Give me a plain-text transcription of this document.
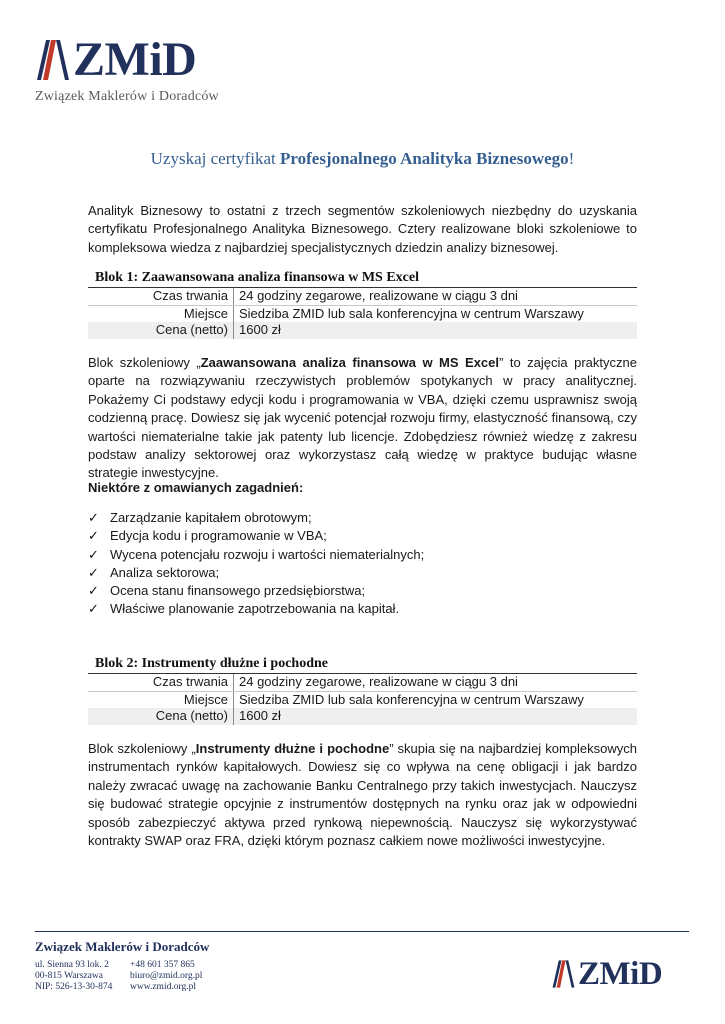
ZMiD
Związek Maklerów i Doradców
Uzyskaj certyfikat Profesjonalnego Analityka Biznesowego!

Analityk Biznesowy to ostatni z trzech segmentów szkoleniowych niezbędny do uzyskania certyfikatu Profesjonalnego Analityka Biznesowego. Cztery realizowane bloki szkoleniowe to kompleksowa wiedza z najbardziej specjalistycznych dziedzin analizy biznesowej.

Blok 1: Zaawansowana analiza finansowa w MS Excel
Czas trwania	24 godziny zegarowe, realizowane w ciągu 3 dni
Miejsce	Siedziba ZMID lub sala konferencyjna w centrum Warszawy
Cena (netto)	1600 zł

Blok szkoleniowy „Zaawansowana analiza finansowa w MS Excel” to zajęcia praktyczne oparte na rozwiązywaniu rzeczywistych problemów spotykanych w pracy analitycznej. Pokażemy Ci podstawy edycji kodu i programowania w VBA, dzięki czemu usprawnisz swoją codzienną pracę. Dowiesz się jak wycenić potencjał rozwoju firmy, elastyczność finansową, czy wartości niematerialne takie jak patenty lub licencje. Zdobędziesz również wiedzę z zakresu podstaw analizy sektorowej oraz wykorzystasz całą wiedzę w praktyce budując własne strategie inwestycyjne.

Niektóre z omawianych zagadnień:
✓ Zarządzanie kapitałem obrotowym;
✓ Edycja kodu i programowanie w VBA;
✓ Wycena potencjału rozwoju i wartości niematerialnych;
✓ Analiza sektorowa;
✓ Ocena stanu finansowego przedsiębiorstwa;
✓ Właściwe planowanie zapotrzebowania na kapitał.
Blok 2: Instrumenty dłużne i pochodne
Czas trwania	24 godziny zegarowe, realizowane w ciągu 3 dni
Miejsce	Siedziba ZMID lub sala konferencyjna w centrum Warszawy
Cena (netto)	1600 zł

Blok szkoleniowy „Instrumenty dłużne i pochodne” skupia się na najbardziej kompleksowych instrumentach rynków kapitałowych. Dowiesz się co wpływa na cenę obligacji i jak bardzo należy zwracać uwagę na zachowanie Banku Centralnego przy takich inwestycjach. Nauczysz się budować strategie opcyjnie z instrumentów dostępnych na rynku oraz jak w odpowiedni sposób zabezpieczyć aktywa przed rynkową niepewnością. Nauczysz się wykorzystywać kontrakty SWAP oraz FRA, dzięki którym poznasz całkiem nowe możliwości inwestycyjne.

Związek Maklerów i Doradców
ul. Sienna 93 lok. 2
00-815 Warszawa
NIP: 526-13-30-874
+48 601 357 865
biuro@zmid.org.pl
www.zmid.org.pl	ZMiD
